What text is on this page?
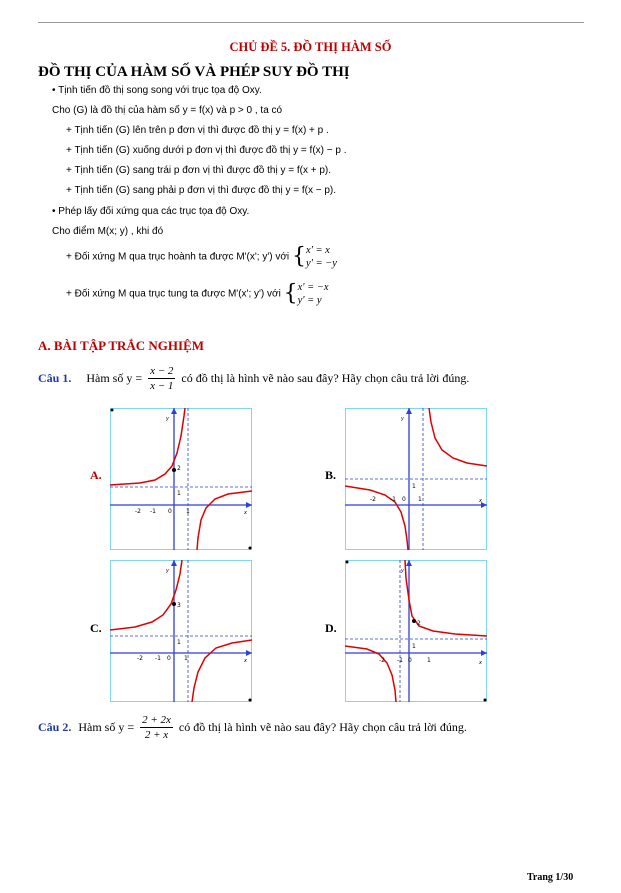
CHỦ ĐỀ 5. ĐỒ THỊ HÀM SỐ
ĐỒ THỊ CỦA HÀM SỐ VÀ PHÉP SUY ĐỒ THỊ
• Tịnh tiến đồ thị song song với trục tọa độ Oxy.
Cho (G) là đồ thị của hàm số y = f(x) và p > 0 , ta có
+ Tịnh tiến (G) lên trên p đơn vị thì được đồ thị y = f(x) + p .
+ Tịnh tiến (G) xuống dưới p đơn vị thì được đồ thị y = f(x) − p .
+ Tịnh tiến (G) sang trái p đơn vị thì được đồ thị y = f(x + p).
+ Tịnh tiến (G) sang phải p đơn vị thì được đồ thị y = f(x − p).
• Phép lấy đối xứng qua các trục tọa độ Oxy.
Cho điểm M(x; y) , khi đó
+ Đối xứng M qua trục hoành ta được M'(x'; y') với {x' = x
y' = −y
+ Đối xứng M qua trục tung ta được M'(x'; y') với {x' = −x
y' = y
A. BÀI TẬP TRẮC NGHIỆM
Câu 1. Hàm số $y = \frac{x - 2}{x - 1}$ có đồ thị là hình vẽ nào sau đây? Hãy chọn câu trả lời đúng.
A.	B.
C.	D.
2
1
-2 -1 0 1	x
y
1
-2 -1 0 1	x
y
3
1
-2 -1 0 1	x
y
2
1
-2 -1 0	1	x
y
Câu 2. Hàm số $y = \frac{2 + 2x}{2 + x}$ có đồ thị là hình vẽ nào sau đây? Hãy chọn câu trả lời đúng.
Trang 1/30
